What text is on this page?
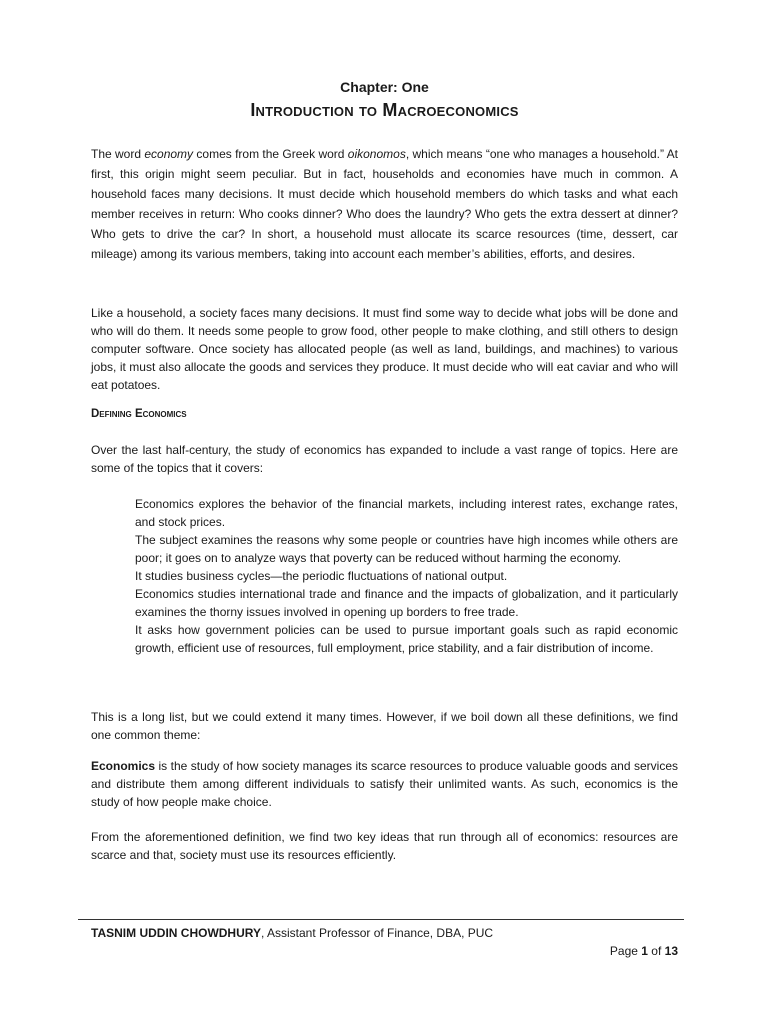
Chapter: One
Introduction to Macroeconomics

The word economy comes from the Greek word oikonomos, which means “one who manages a household.” At first, this origin might seem peculiar. But in fact, households and economies have much in common. A household faces many decisions. It must decide which household members do which tasks and what each member receives in return: Who cooks dinner? Who does the laundry? Who gets the extra dessert at dinner? Who gets to drive the car? In short, a household must allocate its scarce resources (time, dessert, car mileage) among its various members, taking into account each member’s abilities, efforts, and desires.

Like a household, a society faces many decisions. It must find some way to decide what jobs will be done and who will do them. It needs some people to grow food, other people to make clothing, and still others to design computer software. Once society has allocated people (as well as land, buildings, and machines) to various jobs, it must also allocate the goods and services they produce. It must decide who will eat caviar and who will eat potatoes.

Defining Economics

Over the last half-century, the study of economics has expanded to include a vast range of topics. Here are some of the topics that it covers:

Economics explores the behavior of the financial markets, including interest rates, exchange rates, and stock prices.
The subject examines the reasons why some people or countries have high incomes while others are poor; it goes on to analyze ways that poverty can be reduced without harming the economy.
It studies business cycles—the periodic fluctuations of national output.
Economics studies international trade and finance and the impacts of globalization, and it particularly examines the thorny issues involved in opening up borders to free trade.
It asks how government policies can be used to pursue important goals such as rapid economic growth, efficient use of resources, full employment, price stability, and a fair distribution of income.

This is a long list, but we could extend it many times. However, if we boil down all these definitions, we find one common theme:

Economics is the study of how society manages its scarce resources to produce valuable goods and services and distribute them among different individuals to satisfy their unlimited wants. As such, economics is the study of how people make choice.

From the aforementioned definition, we find two key ideas that run through all of economics: resources are scarce and that, society must use its resources efficiently.

TASNIM UDDIN CHOWDHURY, Assistant Professor of Finance, DBA, PUC
Page 1 of 13
